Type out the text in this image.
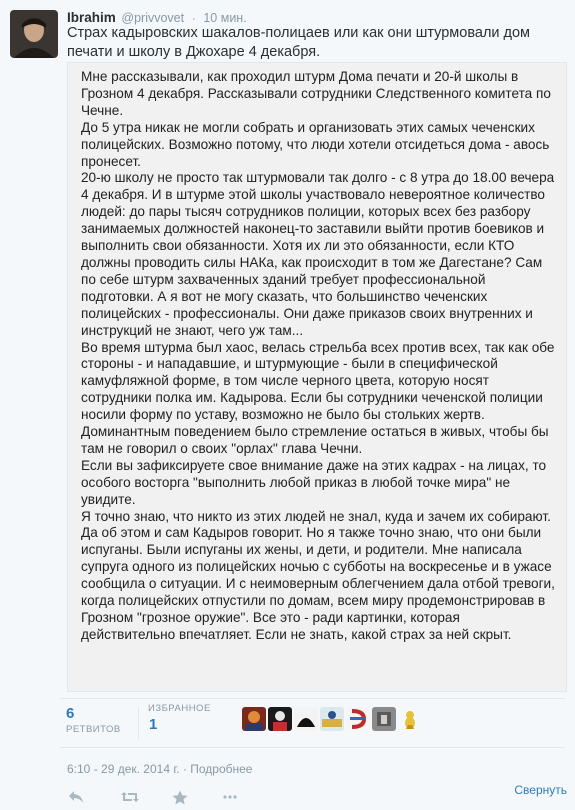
Ibrahim @privvovet · 10 мин.
Страх кадыровских шакалов-полицаев или как они штурмовали дом печати и школу в Джохаре 4 декабря.

Мне рассказывали, как проходил штурм Дома печати и 20-й школы в Грозном 4 декабря. Рассказывали сотрудники Следственного комитета по Чечне.

До 5 утра никак не могли собрать и организовать этих самых чеченских полицейских. Возможно потому, что люди хотели отсидеться дома - авось пронесет.

20-ю школу не просто так штурмовали так долго - с 8 утра до 18.00 вечера 4 декабря. И в штурме этой школы участвовало невероятное количество людей: до пары тысяч сотрудников полиции, которых всех без разбору занимаемых должностей наконец-то заставили выйти против боевиков и выполнить свои обязанности. Хотя их ли это обязанности, если КТО должны проводить силы НАКа, как происходит в том же Дагестане? Сам по себе штурм захваченных зданий требует профессиональной подготовки. А я вот не могу сказать, что большинство чеченских полицейских - профессионалы. Они даже приказов своих внутренних и инструкций не знают, чего уж там...

Во время штурма был хаос, велась стрельба всех против всех, так как обе стороны - и нападавшие, и штурмующие - были в специфической камуфляжной форме, в том числе черного цвета, которую носят сотрудники полка им. Кадырова. Если бы сотрудники чеченской полиции носили форму по уставу, возможно не было бы стольких жертв. Доминантным поведением было стремление остаться в живых, чтобы бы там не говорил о своих "орлах" глава Чечни.

Если вы зафиксируете свое внимание даже на этих кадрах - на лицах, то особого восторга "выполнить любой приказ в любой точке мира" не увидите.

Я точно знаю, что никто из этих людей не знал, куда и зачем их собирают. Да об этом и сам Кадыров говорит. Но я также точно знаю, что они были испуганы. Были испуганы их жены, и дети, и родители. Мне написала супруга одного из полицейских ночью с субботы на воскресенье и в ужасе сообщила о ситуации. И с неимоверным облегчением дала отбой тревоги, когда полицейских отпустили по домам, всем миру продемонстрировав в Грозном "грозное оружие". Все это - ради картинки, которая действительно впечатляет. Если не знать, какой страх за ней скрыт.

6
РЕТВИТОВ
ИЗБРАННОЕ
1
6:10 - 29 дек. 2014 г. · Подробнее
Свернуть
